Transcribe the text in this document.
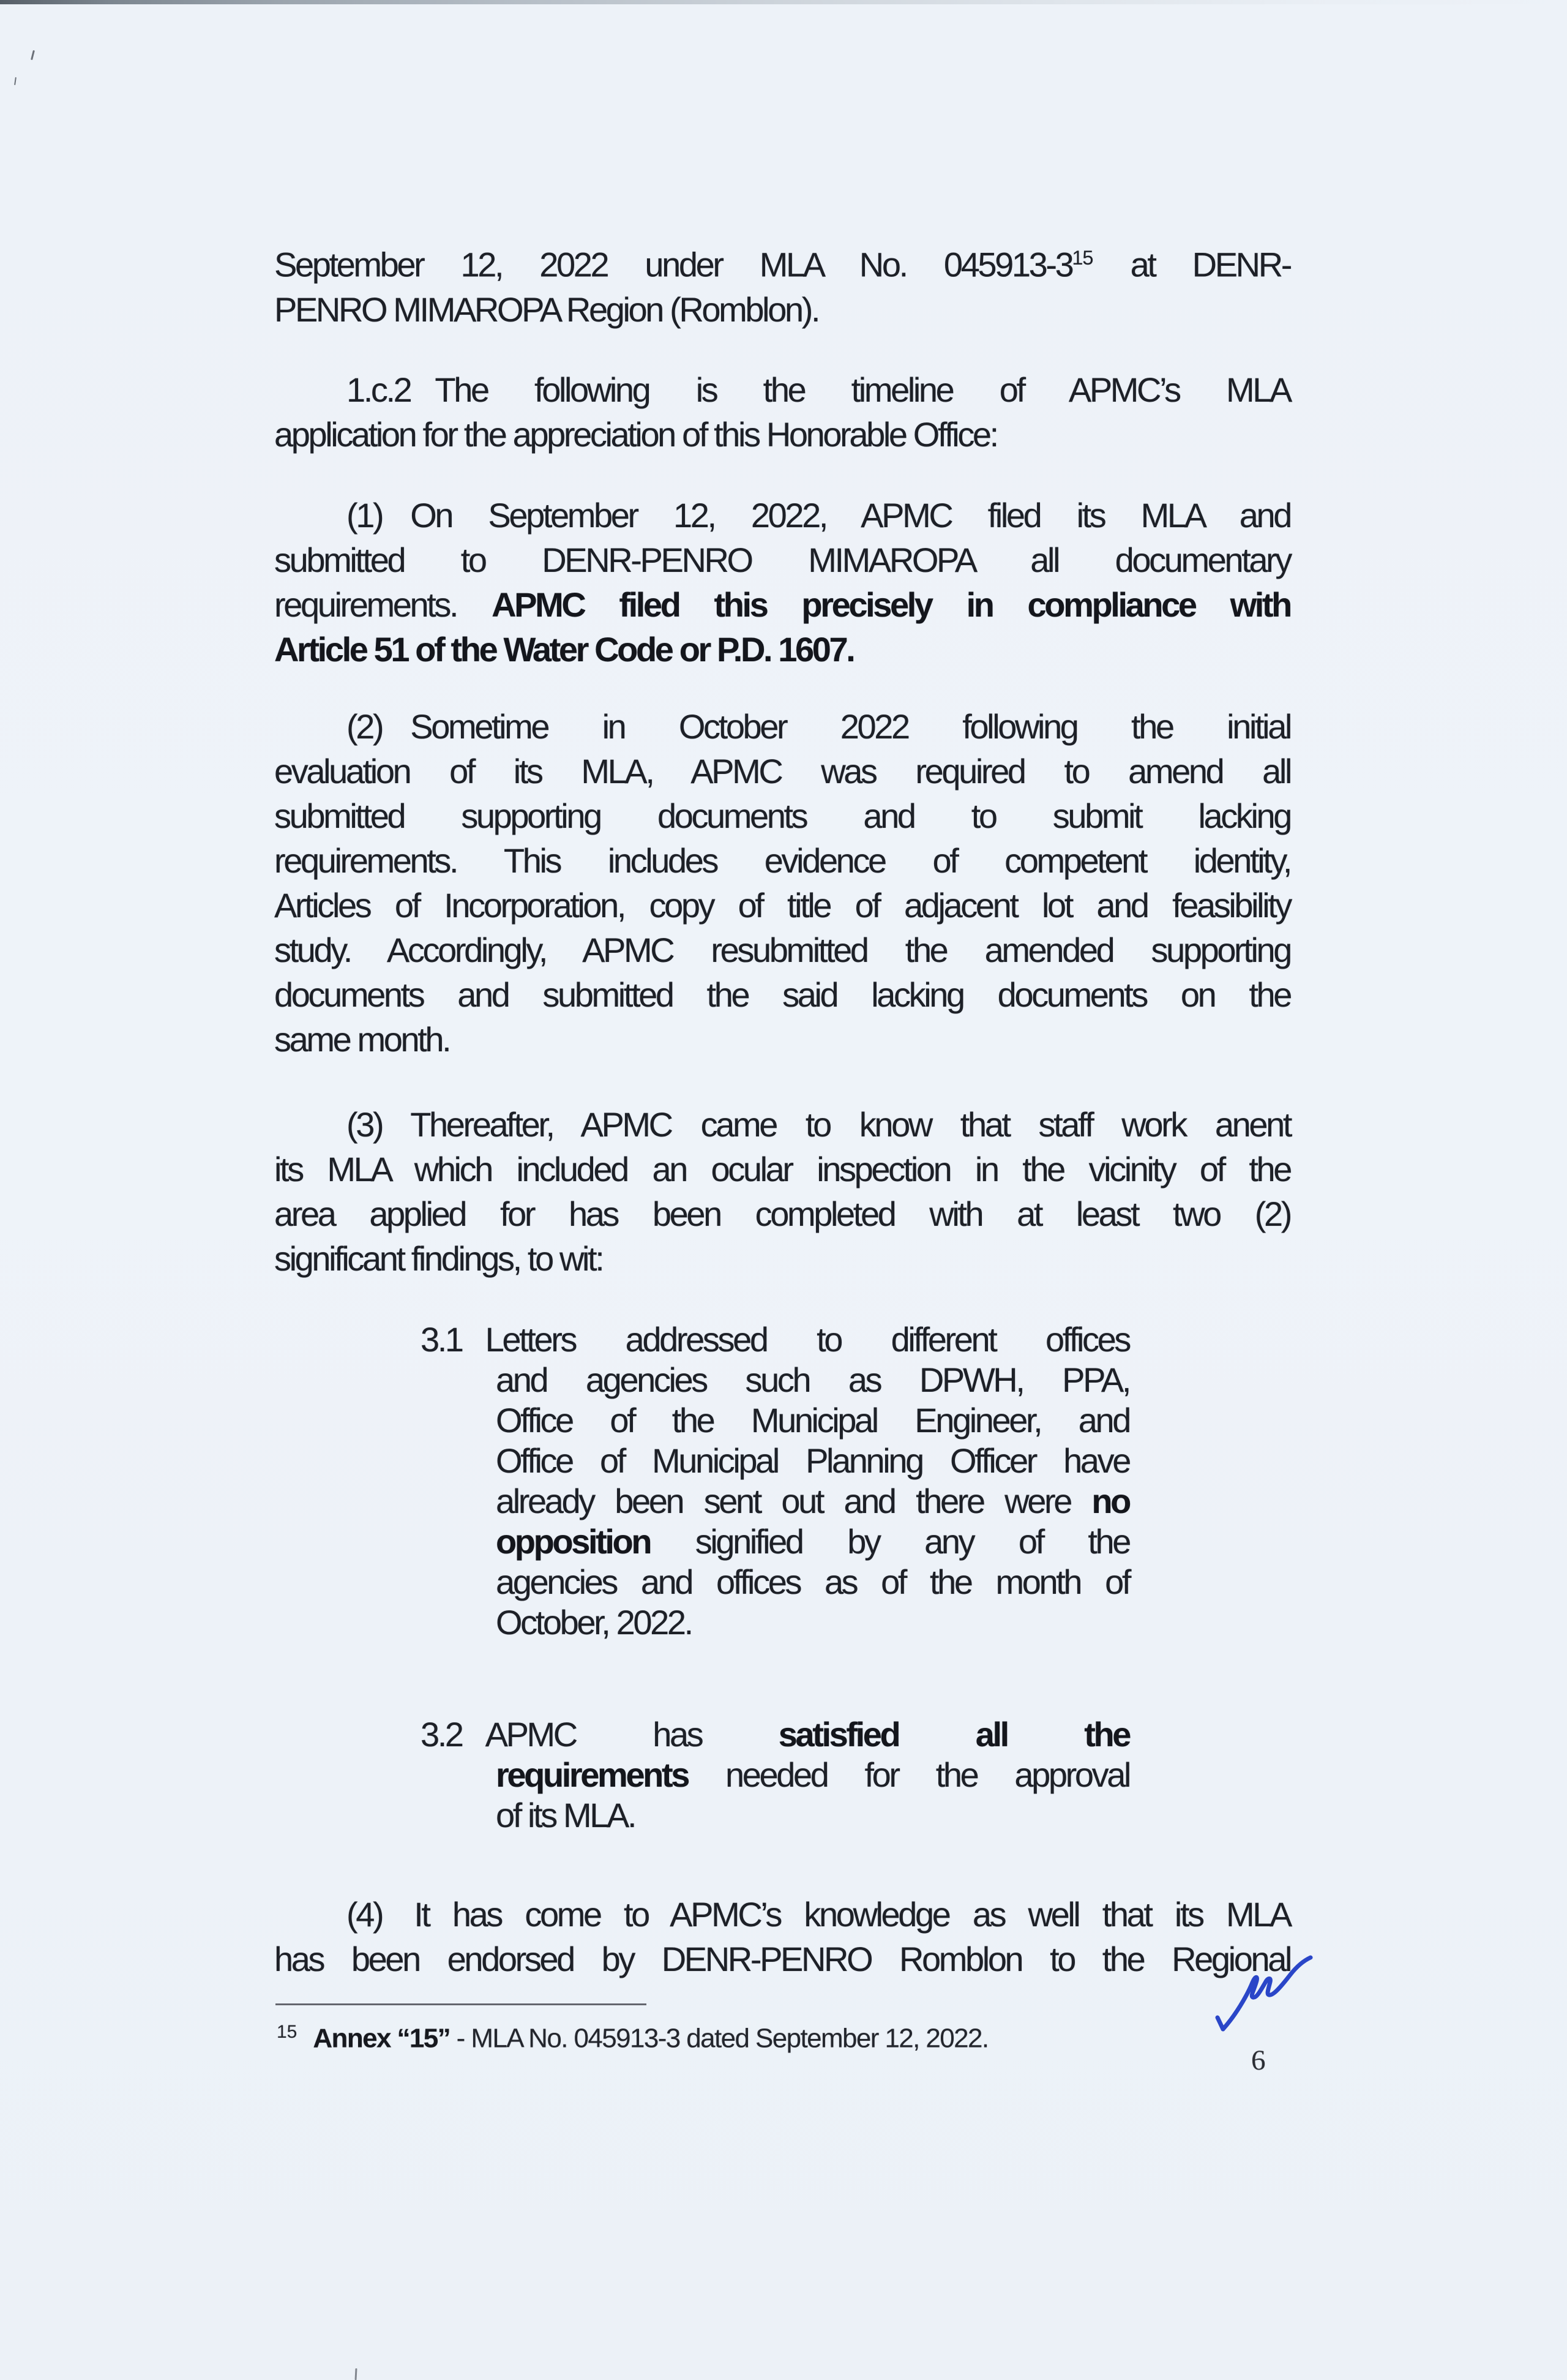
September 12, 2022 under MLA No. $045913-3^{15}$ at DENR-
PENRO MIMAROPA Region (Romblon).
1.c.2 The following is the timeline of APMC’s MLA
application for the appreciation of this Honorable Office:
(1) On September 12, 2022, APMC filed its MLA and
submitted to DENR-PENRO MIMAROPA all documentary
requirements. APMC filed this precisely in compliance with
Article 51 of the Water Code or P.D. 1607.
(2) Sometime in October 2022 following the initial
evaluation of its MLA, APMC was required to amend all
submitted supporting documents and to submit lacking
requirements. This includes evidence of competent identity,
Articles of Incorporation, copy of title of adjacent lot and feasibility
study. Accordingly, APMC resubmitted the amended supporting
documents and submitted the said lacking documents on the
same month.
(3) Thereafter, APMC came to know that staff work anent
its MLA which included an ocular inspection in the vicinity of the
area applied for has been completed with at least two (2)
significant findings, to wit:
3.1 Letters addressed to different offices
and agencies such as DPWH, PPA,
Office of the Municipal Engineer, and
Office of Municipal Planning Officer have
already been sent out and there were no
opposition signified by any of the
agencies and offices as of the month of
October, 2022.
3.2 APMC has satisfied all the
requirements needed for the approval
of its MLA.
(4) It has come to APMC’s knowledge as well that its MLA
has been endorsed by DENR-PENRO Romblon to the Regional
$^{15}$ Annex “15” - MLA No. 045913-3 dated September 12, 2022.
6
